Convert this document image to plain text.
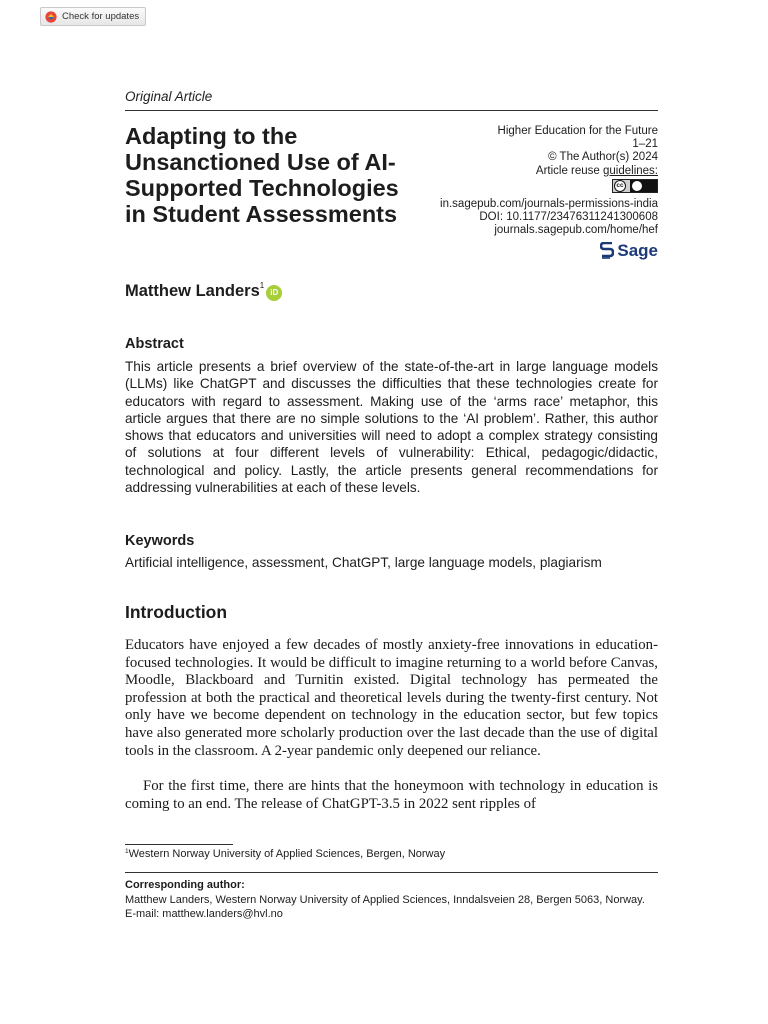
Check for updates
Original Article
Adapting to the
Unsanctioned Use of AI-
Supported Technologies
in Student Assessments
Higher Education for the Future
1–21
© The Author(s) 2024
Article reuse guidelines:
cc
in.sagepub.com/journals-permissions-india
DOI: 10.1177/23476311241300608
journals.sagepub.com/home/hef
Sage
Matthew Landers$^1$iD
Abstract

This article presents a brief overview of the state-of-the-art in large language models (LLMs) like ChatGPT and discusses the difficulties that these technologies create for educators with regard to assessment. Making use of the ‘arms race’ metaphor, this article argues that there are no simple solutions to the ‘AI problem’. Rather, this author shows that educators and universities will need to adopt a complex strategy consisting of solutions at four different levels of vulnerability: Ethical, pedagogic/didactic, technological and policy. Lastly, the article presents general recommendations for addressing vulnerabilities at each of these levels.

Keywords
Artificial intelligence, assessment, ChatGPT, large language models, plagiarism
Introduction

Educators have enjoyed a few decades of mostly anxiety-free innovations in education-focused technologies. It would be difficult to imagine returning to a world before Canvas, Moodle, Blackboard and Turnitin existed. Digital technology has permeated the profession at both the practical and theoretical levels during the twenty-first century. Not only have we become dependent on technology in the education sector, but few topics have also generated more scholarly production over the last decade than the use of digital tools in the classroom. A 2-year pandemic only deepened our reliance.

For the first time, there are hints that the honeymoon with technology in education is coming to an end. The release of ChatGPT-3.5 in 2022 sent ripples of

$^1$Western Norway University of Applied Sciences, Bergen, Norway
Corresponding author:
Matthew Landers, Western Norway University of Applied Sciences, Inndalsveien 28, Bergen 5063, Norway.
E-mail: matthew.landers@hvl.no
